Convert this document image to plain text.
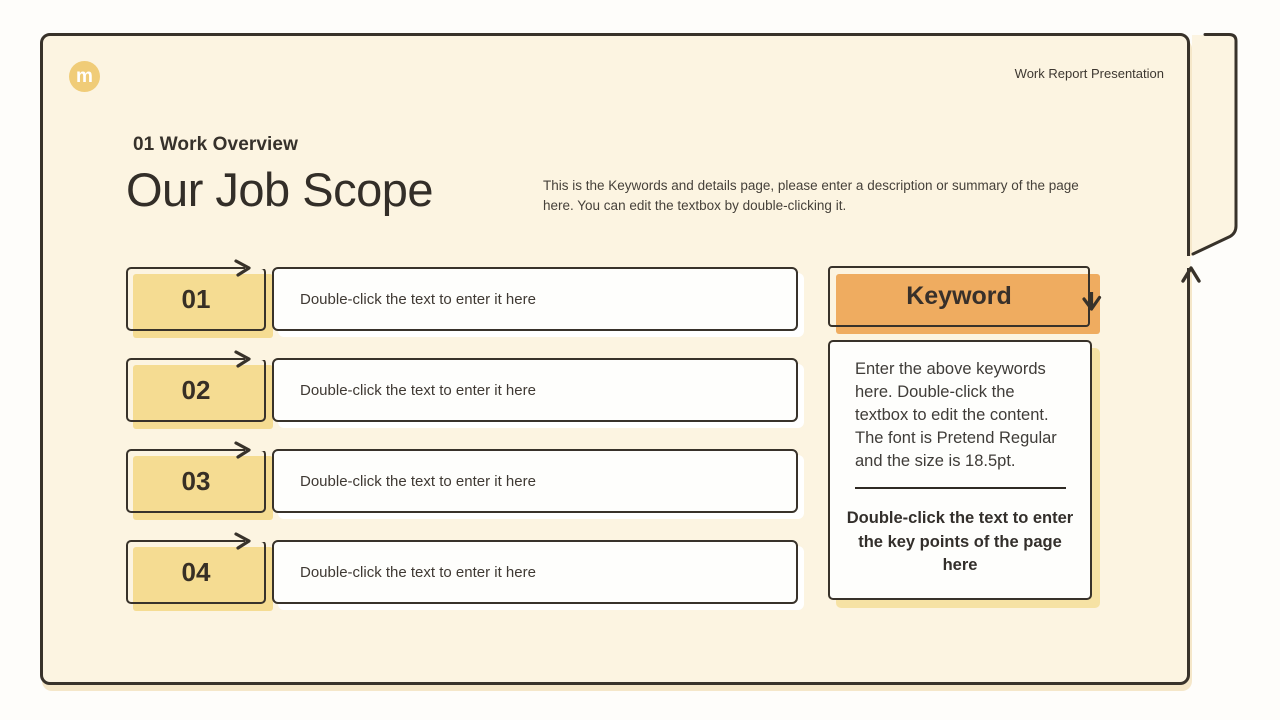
m	Work Report Presentation
01 Work Overview
Our Job Scope	This is the Keywords and details page, please enter a description or summary of the page here. You can edit the textbox by double-clicking it.
Double-click the text to enter it here
01
Double-click the text to enter it here
02
Double-click the text to enter it here
03
Double-click the text to enter it here
04
Keyword
Enter the above keywords here. Double-click the textbox to edit the content. The font is Pretend Regular and the size is 18.5pt.
Double-click the text to enter the key points of the page here
